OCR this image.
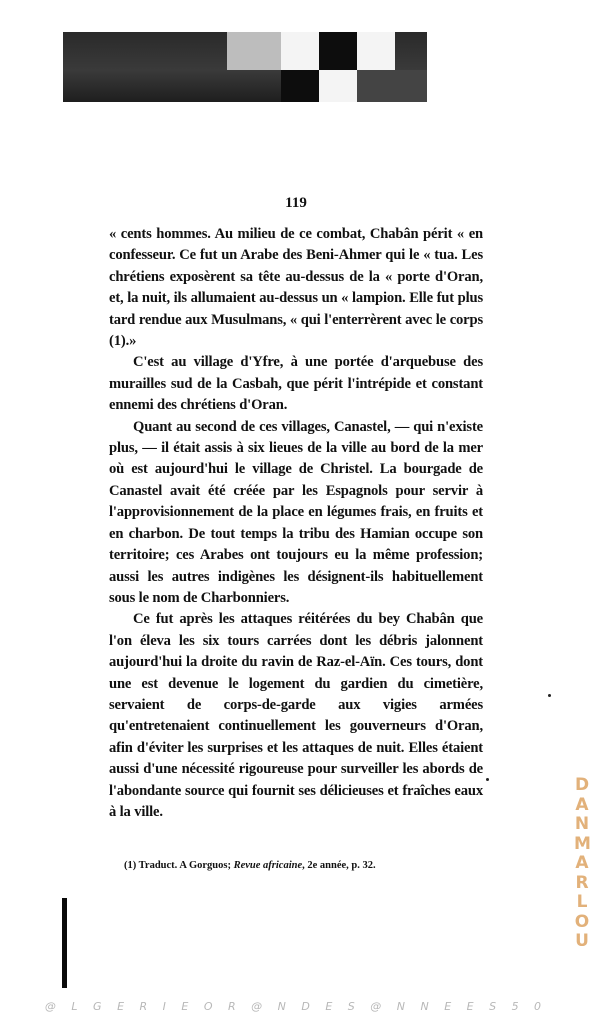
119

« cents hommes. Au milieu de ce combat, Chabân périt « en confesseur. Ce fut un Arabe des Beni-Ahmer qui le « tua. Les chrétiens exposèrent sa tête au-dessus de la « porte d'Oran, et, la nuit, ils allumaient au-dessus un « lampion. Elle fut plus tard rendue aux Musulmans, « qui l'enterrèrent avec le corps (1).»

C'est au village d'Yfre, à une portée d'arquebuse des murailles sud de la Casbah, que périt l'intrépide et constant ennemi des chrétiens d'Oran.

Quant au second de ces villages, Canastel, — qui n'existe plus, — il était assis à six lieues de la ville au bord de la mer où est aujourd'hui le village de Christel. La bourgade de Canastel avait été créée par les Espagnols pour servir à l'approvisionnement de la place en légumes frais, en fruits et en charbon. De tout temps la tribu des Hamian occupe son territoire; ces Arabes ont toujours eu la même profession; aussi les autres indigènes les désignent-ils habituellement sous le nom de Charbonniers.

Ce fut après les attaques réitérées du bey Chabân que l'on éleva les six tours carrées dont les débris jalonnent aujourd'hui la droite du ravin de Raz-el-Aïn. Ces tours, dont une est devenue le logement du gardien du cimetière, servaient de corps-de-garde aux vigies armées qu'entretenaient continuellement les gouverneurs d'Oran, afin d'éviter les surprises et les attaques de nuit. Elles étaient aussi d'une nécessité rigoureuse pour surveiller les abords de l'abondante source qui fournit ses délicieuses et fraîches eaux à la ville.

(1) Traduct. A Gorguos; Revue africaine, 2e année, p. 32.
DANMARLOU
@ L G E R I E O R @ N D E S @ N N E E S 5 0
